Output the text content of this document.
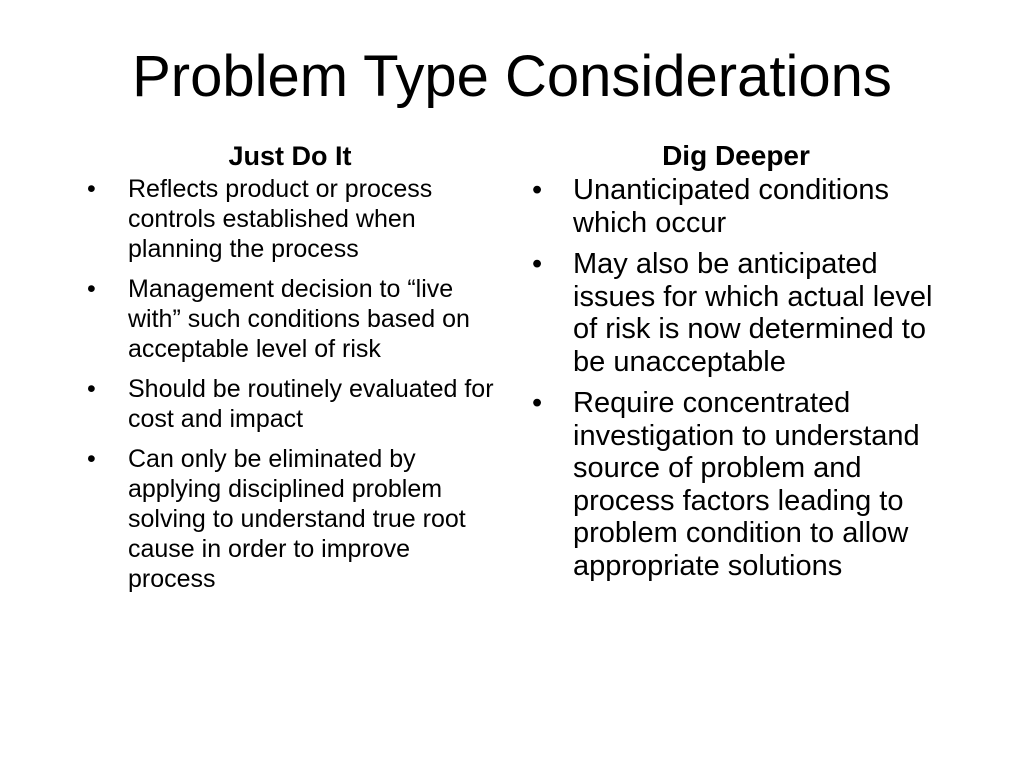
Problem Type Considerations
Just Do It
•	Reflects product or process controls established when planning the process
•	Management decision to “live with” such conditions based on acceptable level of risk
•	Should be routinely evaluated for cost and impact
•	Can only be eliminated by applying disciplined problem solving to understand true root cause in order to improve process
Dig Deeper
•	Unanticipated conditions which occur
•	May also be anticipated issues for which actual level of risk is now determined to be unacceptable
•	Require concentrated investigation to understand source of problem and process factors leading to problem condition to allow appropriate solutions
